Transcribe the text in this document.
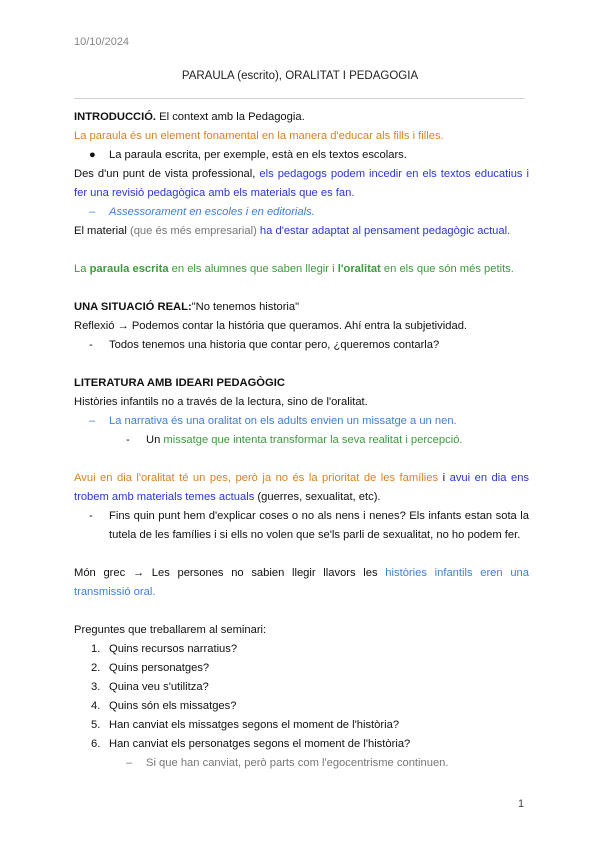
10/10/2024
PARAULA (escrito), ORALITAT I PEDAGOGIA
INTRODUCCIÓ. El context amb la Pedagogia.
La paraula és un element fonamental en la manera d'educar als fills i filles.
● La paraula escrita, per exemple, està en els textos escolars.
Des d'un punt de vista professional, els pedagogs podem incedir en els textos educatius i fer una revisió pedagògica amb els materials que es fan.
– Assessorament en escoles i en editorials.
El material (que és més empresarial) ha d'estar adaptat al pensament pedagògic actual.
La paraula escrita en els alumnes que saben llegir i l'oralitat en els que són més petits.
UNA SITUACIÓ REAL:"No tenemos historia"
Reflexió → Podemos contar la história que queramos. Ahí entra la subjetividad.
- Todos tenemos una historia que contar pero, ¿queremos contarla?
LITERATURA AMB IDEARI PEDAGÒGIC
Històries infantils no a través de la lectura, sino de l'oralitat.
– La narrativa és una oralitat on els adults envien un missatge a un nen.
- Un missatge que intenta transformar la seva realitat i percepció.
Avui en dia l'oralitat té un pes, però ja no és la prioritat de les famílies i avui en dia ens trobem amb materials temes actuals (guerres, sexualitat, etc).
- Fins quin punt hem d'explicar coses o no als nens i nenes? Els infants estan sota la tutela de les famílies i si ells no volen que se'ls parli de sexualitat, no ho podem fer.
Món grec → Les persones no sabien llegir llavors les històries infantils eren una transmissió oral.
Preguntes que treballarem al seminari:
1. Quins recursos narratius?
2. Quins personatges?
3. Quina veu s'utilitza?
4. Quins són els missatges?
5. Han canviat els missatges segons el moment de l'història?
6. Han canviat els personatges segons el moment de l'història?
– Si que han canviat, però parts com l'egocentrisme continuen.
1
